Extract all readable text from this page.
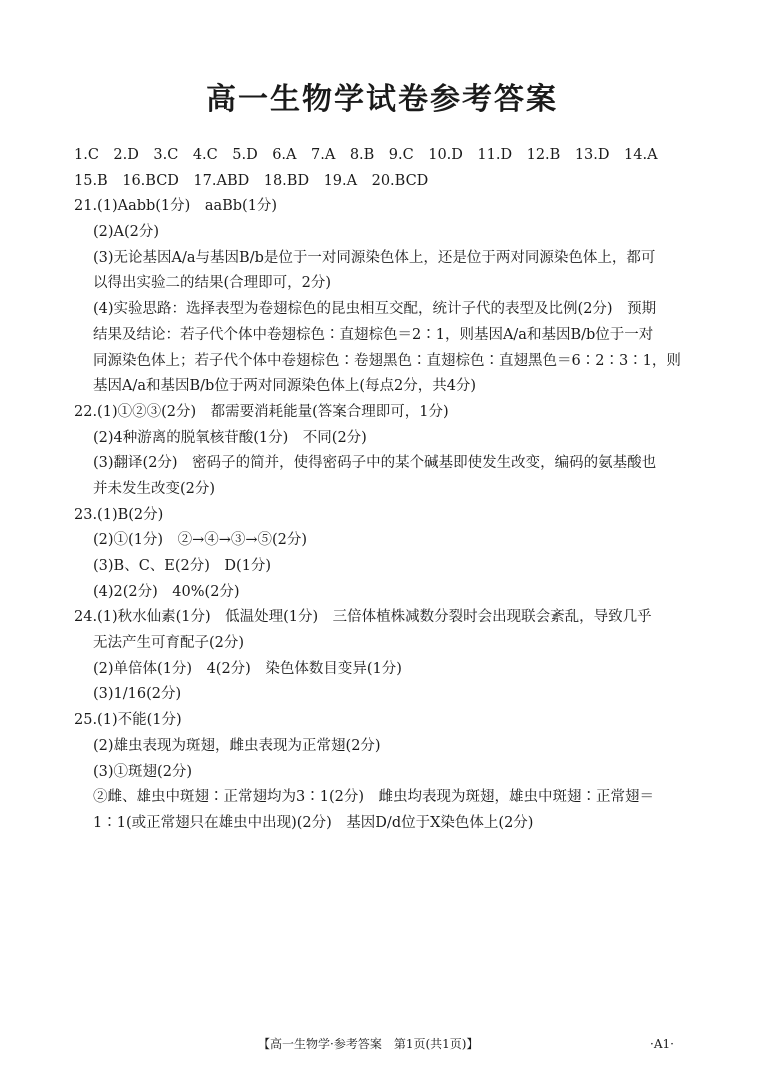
高一生物学试卷参考答案
1.C　2.D　3.C　4.C　5.D　6.A　7.A　8.B　9.C　10.D　11.D　12.B　13.D　14.A
15.B　16.BCD　17.ABD　18.BD　19.A　20.BCD
21.(1)Aabb(1分)　aaBb(1分)
(2)A(2分)
(3)无论基因A/a与基因B/b是位于一对同源染色体上，还是位于两对同源染色体上，都可
以得出实验二的结果(合理即可，2分)
(4)实验思路：选择表型为卷翅棕色的昆虫相互交配，统计子代的表型及比例(2分)　预期
结果及结论：若子代个体中卷翅棕色∶直翅棕色＝2∶1，则基因A/a和基因B/b位于一对
同源染色体上；若子代个体中卷翅棕色∶卷翅黑色∶直翅棕色∶直翅黑色＝6∶2∶3∶1，则
基因A/a和基因B/b位于两对同源染色体上(每点2分，共4分)
22.(1)①②③(2分)　都需要消耗能量(答案合理即可，1分)
(2)4种游离的脱氧核苷酸(1分)　不同(2分)
(3)翻译(2分)　密码子的简并，使得密码子中的某个碱基即使发生改变，编码的氨基酸也
并未发生改变(2分)
23.(1)B(2分)
(2)①(1分)　②→④→③→⑤(2分)
(3)B、C、E(2分)　D(1分)
(4)2(2分)　40%(2分)
24.(1)秋水仙素(1分)　低温处理(1分)　三倍体植株减数分裂时会出现联会紊乱，导致几乎
无法产生可育配子(2分)
(2)单倍体(1分)　4(2分)　染色体数目变异(1分)
(3)1/16(2分)
25.(1)不能(1分)
(2)雄虫表现为斑翅，雌虫表现为正常翅(2分)
(3)①斑翅(2分)
②雌、雄虫中斑翅∶正常翅均为3∶1(2分)　雌虫均表现为斑翅，雄虫中斑翅∶正常翅＝
1∶1(或正常翅只在雄虫中出现)(2分)　基因D/d位于X染色体上(2分)
【高一生物学·参考答案　第1页(共1页)】	·A1·
